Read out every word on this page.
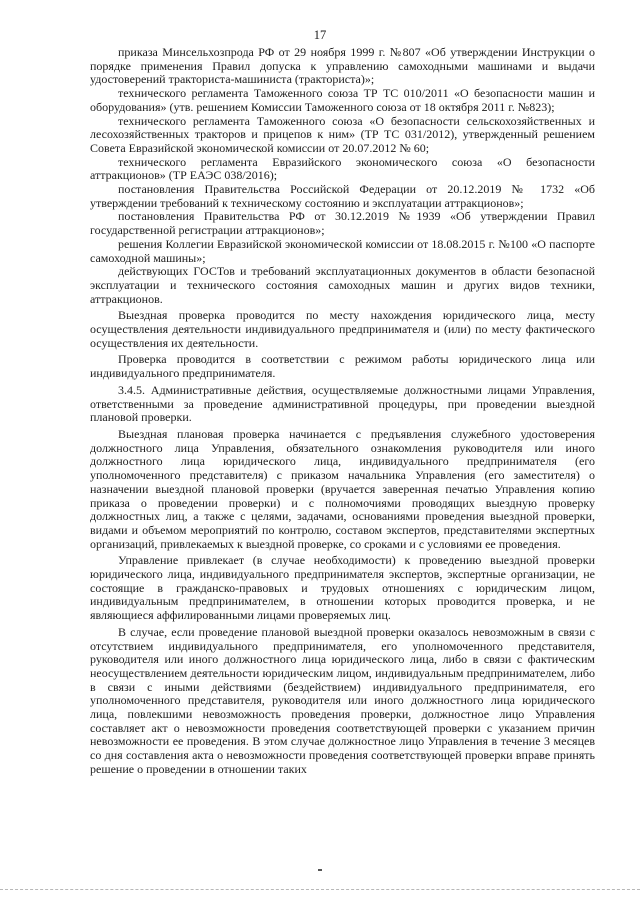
17

приказа Минсельхозпрода РФ от 29 ноября 1999 г. №807 «Об утверждении Инструкции о порядке применения Правил допуска к управлению самоходными машинами и выдачи удостоверений тракториста-машиниста (тракториста)»;

технического регламента Таможенного союза ТР ТС 010/2011 «О безопасности машин и оборудования» (утв. решением Комиссии Таможенного союза от 18 октября 2011 г. №823);

технического регламента Таможенного союза «О безопасности сельскохозяйственных и лесохозяйственных тракторов и прицепов к ним» (ТР ТС 031/2012), утвержденный решением Совета Евразийской экономической комиссии от 20.07.2012 № 60;

технического регламента Евразийского экономического союза «О безопасности аттракционов» (ТР ЕАЭС 038/2016);

постановления Правительства Российской Федерации от 20.12.2019 № 1732 «Об утверждении требований к техническому состоянию и эксплуатации аттракционов»;

постановления Правительства РФ от 30.12.2019 №1939 «Об утверждении Правил государственной регистрации аттракционов»;

решения Коллегии Евразийской экономической комиссии от 18.08.2015 г. №100 «О паспорте самоходной машины»;

действующих ГОСТов и требований эксплуатационных документов в области безопасной эксплуатации и технического состояния самоходных машин и других видов техники, аттракционов.

Выездная проверка проводится по месту нахождения юридического лица, месту осуществления деятельности индивидуального предпринимателя и (или) по месту фактического осуществления их деятельности.

Проверка проводится в соответствии с режимом работы юридического лица или индивидуального предпринимателя.

3.4.5. Административные действия, осуществляемые должностными лицами Управления, ответственными за проведение административной процедуры, при проведении выездной плановой проверки.

Выездная плановая проверка начинается с предъявления служебного удостоверения должностного лица Управления, обязательного ознакомления руководителя или иного должностного лица юридического лица, индивидуального предпринимателя (его уполномоченного представителя) с приказом начальника Управления (его заместителя) о назначении выездной плановой проверки (вручается заверенная печатью Управления копию приказа о проведении проверки) и с полномочиями проводящих выездную проверку должностных лиц, а также с целями, задачами, основаниями проведения выездной проверки, видами и объемом мероприятий по контролю, составом экспертов, представителями экспертных организаций, привлекаемых к выездной проверке, со сроками и с условиями ее проведения.

Управление привлекает (в случае необходимости) к проведению выездной проверки юридического лица, индивидуального предпринимателя экспертов, экспертные организации, не состоящие в гражданско-правовых и трудовых отношениях с юридическим лицом, индивидуальным предпринимателем, в отношении которых проводится проверка, и не являющиеся аффилированными лицами проверяемых лиц.

В случае, если проведение плановой выездной проверки оказалось невозможным в связи с отсутствием индивидуального предпринимателя, его уполномоченного представителя, руководителя или иного должностного лица юридического лица, либо в связи с фактическим неосуществлением деятельности юридическим лицом, индивидуальным предпринимателем, либо в связи с иными действиями (бездействием) индивидуального предпринимателя, его уполномоченного представителя, руководителя или иного должностного лица юридического лица, повлекшими невозможность проведения проверки, должностное лицо Управления составляет акт о невозможности проведения соответствующей проверки с указанием причин невозможности ее проведения. В этом случае должностное лицо Управления в течение 3 месяцев со дня составления акта о невозможности проведения соответствующей проверки вправе принять решение о проведении в отношении таких
